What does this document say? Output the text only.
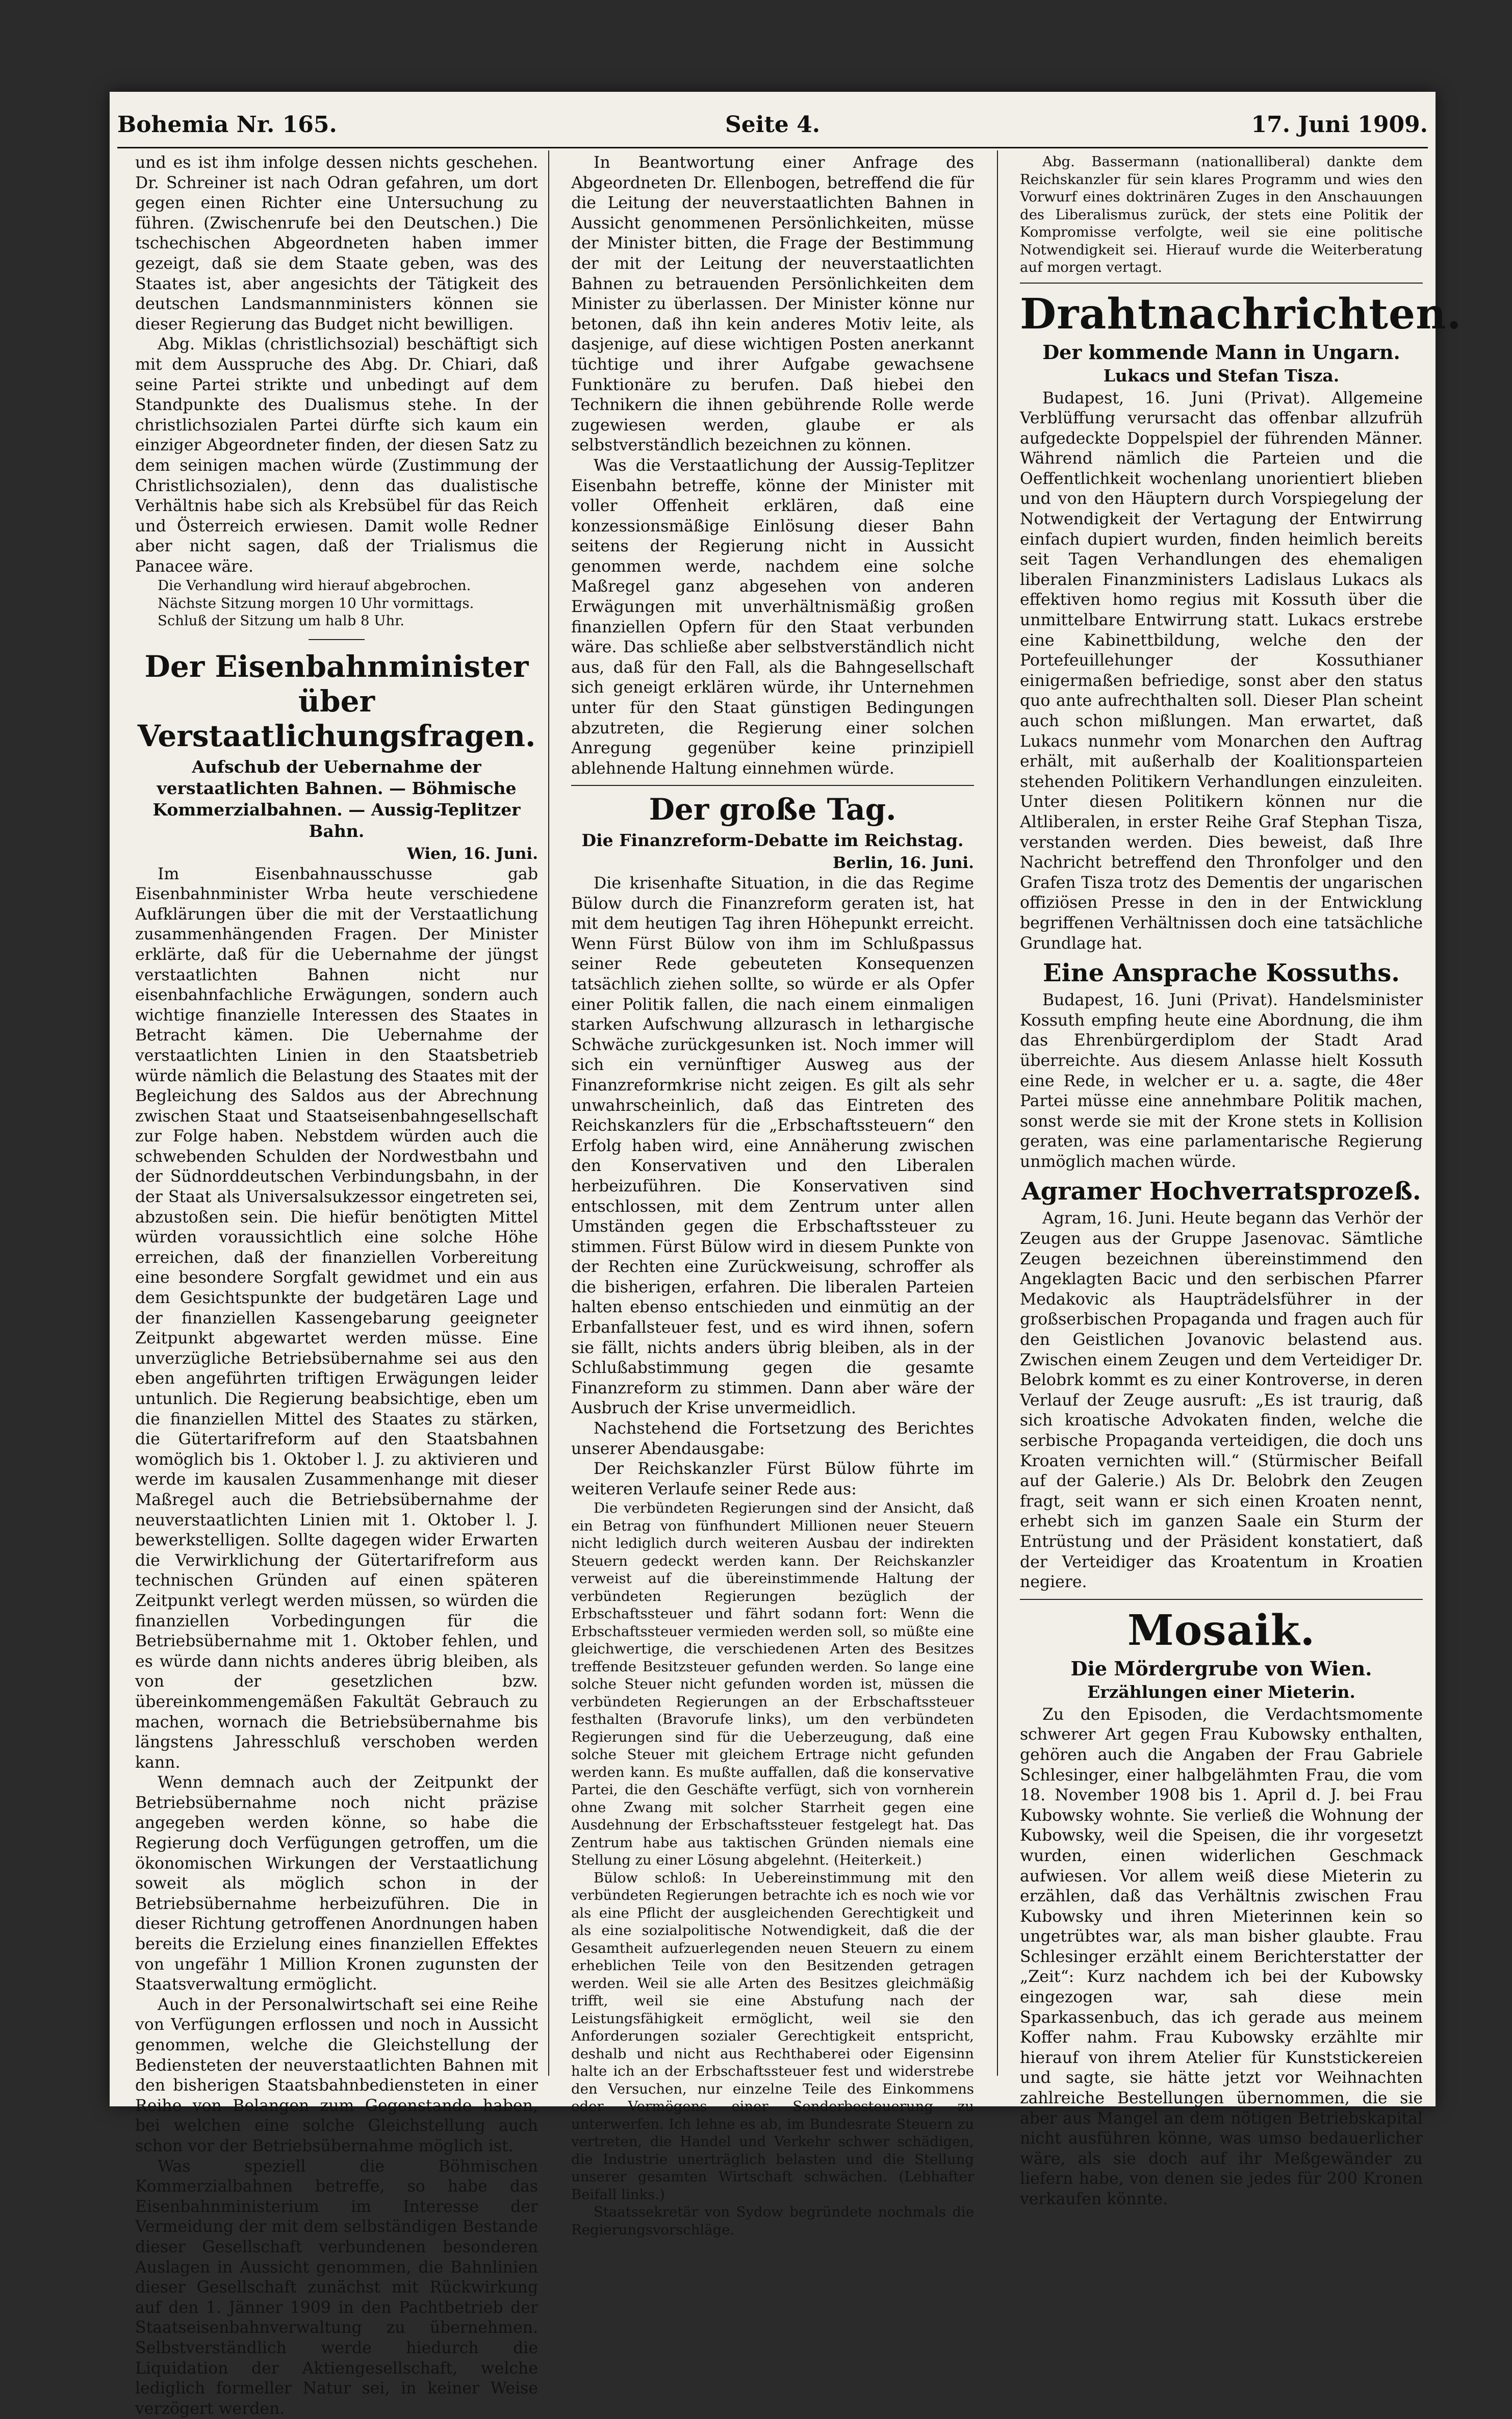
Bohemia Nr. 165.	Seite 4.	17. Juni 1909.

und es ist ihm infolge dessen nichts geschehen. Dr. Schreiner ist nach Odran gefahren, um dort gegen einen Richter eine Untersuchung zu führen. (Zwischenrufe bei den Deutschen.) Die tschechischen Abgeordneten haben immer gezeigt, daß sie dem Staate geben, was des Staates ist, aber angesichts der Tätigkeit des deutschen Landsmannministers können sie dieser Regierung das Budget nicht bewilligen.

Abg. Miklas (christlichsozial) beschäftigt sich mit dem Ausspruche des Abg. Dr. Chiari, daß seine Partei strikte und unbedingt auf dem Standpunkte des Dualismus stehe. In der christlichsozialen Partei dürfte sich kaum ein einziger Abgeordneter finden, der diesen Satz zu dem seinigen machen würde (Zustimmung der Christlichsozialen), denn das dualistische Verhältnis habe sich als Krebsübel für das Reich und Österreich erwiesen. Damit wolle Redner aber nicht sagen, daß der Trialismus die Panacee wäre.

Die Verhandlung wird hierauf abgebrochen.

Nächste Sitzung morgen 10 Uhr vormittags.

Schluß der Sitzung um halb 8 Uhr.

Der Eisenbahnminister über Verstaatlichungsfragen.
Aufschub der Uebernahme der verstaatlichten Bahnen. — Böhmische Kommerzialbahnen. — Aussig-Teplitzer Bahn.
Wien, 16. Juni.

Im Eisenbahnausschusse gab Eisenbahnminister Wrba heute verschiedene Aufklärungen über die mit der Verstaatlichung zusammenhängenden Fragen. Der Minister erklärte, daß für die Uebernahme der jüngst verstaatlichten Bahnen nicht nur eisenbahnfachliche Erwägungen, sondern auch wichtige finanzielle Interessen des Staates in Betracht kämen. Die Uebernahme der verstaatlichten Linien in den Staatsbetrieb würde nämlich die Belastung des Staates mit der Begleichung des Saldos aus der Abrechnung zwischen Staat und Staatseisenbahngesellschaft zur Folge haben. Nebstdem würden auch die schwebenden Schulden der Nordwestbahn und der Südnorddeutschen Verbindungsbahn, in der der Staat als Universalsukzessor eingetreten sei, abzustoßen sein. Die hiefür benötigten Mittel würden voraussichtlich eine solche Höhe erreichen, daß der finanziellen Vorbereitung eine besondere Sorgfalt gewidmet und ein aus dem Gesichtspunkte der budgetären Lage und der finanziellen Kassengebarung geeigneter Zeitpunkt abgewartet werden müsse. Eine unverzügliche Betriebsübernahme sei aus den eben angeführten triftigen Erwägungen leider untunlich. Die Regierung beabsichtige, eben um die finanziellen Mittel des Staates zu stärken, die Gütertarifreform auf den Staatsbahnen womöglich bis 1. Oktober l. J. zu aktivieren und werde im kausalen Zusammenhange mit dieser Maßregel auch die Betriebsübernahme der neuverstaatlichten Linien mit 1. Oktober l. J. bewerkstelligen. Sollte dagegen wider Erwarten die Verwirklichung der Gütertarifreform aus technischen Gründen auf einen späteren Zeitpunkt verlegt werden müssen, so würden die finanziellen Vorbedingungen für die Betriebsübernahme mit 1. Oktober fehlen, und es würde dann nichts anderes übrig bleiben, als von der gesetzlichen bzw. übereinkommengemäßen Fakultät Gebrauch zu machen, wornach die Betriebsübernahme bis längstens Jahresschluß verschoben werden kann.

Wenn demnach auch der Zeitpunkt der Betriebsübernahme noch nicht präzise angegeben werden könne, so habe die Regierung doch Verfügungen getroffen, um die ökonomischen Wirkungen der Verstaatlichung soweit als möglich schon in der Betriebsübernahme herbeizuführen. Die in dieser Richtung getroffenen Anordnungen haben bereits die Erzielung eines finanziellen Effektes von ungefähr 1 Million Kronen zugunsten der Staatsverwaltung ermöglicht.

Auch in der Personalwirtschaft sei eine Reihe von Verfügungen erflossen und noch in Aussicht genommen, welche die Gleichstellung der Bediensteten der neuverstaatlichten Bahnen mit den bisherigen Staatsbahnbediensteten in einer Reihe von Belangen zum Gegenstande haben, bei welchen eine solche Gleichstellung auch schon vor der Betriebsübernahme möglich ist.

Was speziell die Böhmischen Kommerzialbahnen betreffe, so habe das Eisenbahnministerium im Interesse der Vermeidung der mit dem selbständigen Bestande dieser Gesellschaft verbundenen besonderen Auslagen in Aussicht genommen, die Bahnlinien dieser Gesellschaft zunächst mit Rückwirkung auf den 1. Jänner 1909 in den Pachtbetrieb der Staatseisenbahnverwaltung zu übernehmen. Selbstverständlich werde hiedurch die Liquidation der Aktiengesellschaft, welche lediglich formeller Natur sei, in keiner Weise verzögert werden.

In Beantwortung einer Anfrage des Abgeordneten Dr. Ellenbogen, betreffend die für die Leitung der neuverstaatlichten Bahnen in Aussicht genommenen Persönlichkeiten, müsse der Minister bitten, die Frage der Bestimmung der mit der Leitung der neuverstaatlichten Bahnen zu betrauenden Persönlichkeiten dem Minister zu überlassen. Der Minister könne nur betonen, daß ihn kein anderes Motiv leite, als dasjenige, auf diese wichtigen Posten anerkannt tüchtige und ihrer Aufgabe gewachsene Funktionäre zu berufen. Daß hiebei den Technikern die ihnen gebührende Rolle werde zugewiesen werden, glaube er als selbstverständlich bezeichnen zu können.

Was die Verstaatlichung der Aussig-Teplitzer Eisenbahn betreffe, könne der Minister mit voller Offenheit erklären, daß eine konzessionsmäßige Einlösung dieser Bahn seitens der Regierung nicht in Aussicht genommen werde, nachdem eine solche Maßregel ganz abgesehen von anderen Erwägungen mit unverhältnismäßig großen finanziellen Opfern für den Staat verbunden wäre. Das schließe aber selbstverständlich nicht aus, daß für den Fall, als die Bahngesellschaft sich geneigt erklären würde, ihr Unternehmen unter für den Staat günstigen Bedingungen abzutreten, die Regierung einer solchen Anregung gegenüber keine prinzipiell ablehnende Haltung einnehmen würde.

Der große Tag.
Die Finanzreform-Debatte im Reichstag.
Berlin, 16. Juni.

Die krisenhafte Situation, in die das Regime Bülow durch die Finanzreform geraten ist, hat mit dem heutigen Tag ihren Höhepunkt erreicht. Wenn Fürst Bülow von ihm im Schlußpassus seiner Rede gebeuteten Konsequenzen tatsächlich ziehen sollte, so würde er als Opfer einer Politik fallen, die nach einem einmaligen starken Aufschwung allzurasch in lethargische Schwäche zurückgesunken ist. Noch immer will sich ein vernünftiger Ausweg aus der Finanzreformkrise nicht zeigen. Es gilt als sehr unwahrscheinlich, daß das Eintreten des Reichskanzlers für die „Erbschaftssteuern“ den Erfolg haben wird, eine Annäherung zwischen den Konservativen und den Liberalen herbeizuführen. Die Konservativen sind entschlossen, mit dem Zentrum unter allen Umständen gegen die Erbschaftssteuer zu stimmen. Fürst Bülow wird in diesem Punkte von der Rechten eine Zurückweisung, schroffer als die bisherigen, erfahren. Die liberalen Parteien halten ebenso entschieden und einmütig an der Erbanfallsteuer fest, und es wird ihnen, sofern sie fällt, nichts anders übrig bleiben, als in der Schlußabstimmung gegen die gesamte Finanzreform zu stimmen. Dann aber wäre der Ausbruch der Krise unvermeidlich.

Nachstehend die Fortsetzung des Berichtes unserer Abendausgabe:

Der Reichskanzler Fürst Bülow führte im weiteren Verlaufe seiner Rede aus:

Die verbündeten Regierungen sind der Ansicht, daß ein Betrag von fünfhundert Millionen neuer Steuern nicht lediglich durch weiteren Ausbau der indirekten Steuern gedeckt werden kann. Der Reichskanzler verweist auf die übereinstimmende Haltung der verbündeten Regierungen bezüglich der Erbschaftssteuer und fährt sodann fort: Wenn die Erbschaftssteuer vermieden werden soll, so müßte eine gleichwertige, die verschiedenen Arten des Besitzes treffende Besitzsteuer gefunden werden. So lange eine solche Steuer nicht gefunden worden ist, müssen die verbündeten Regierungen an der Erbschaftssteuer festhalten (Bravorufe links), um den verbündeten Regierungen sind für die Ueberzeugung, daß eine solche Steuer mit gleichem Ertrage nicht gefunden werden kann. Es mußte auffallen, daß die konservative Partei, die den Geschäfte verfügt, sich von vornherein ohne Zwang mit solcher Starrheit gegen eine Ausdehnung der Erbschaftssteuer festgelegt hat. Das Zentrum habe aus taktischen Gründen niemals eine Stellung zu einer Lösung abgelehnt. (Heiterkeit.)

Bülow schloß: In Uebereinstimmung mit den verbündeten Regierungen betrachte ich es noch wie vor als eine Pflicht der ausgleichenden Gerechtigkeit und als eine sozialpolitische Notwendigkeit, daß die der Gesamtheit aufzuerlegenden neuen Steuern zu einem erheblichen Teile von den Besitzenden getragen werden. Weil sie alle Arten des Besitzes gleichmäßig trifft, weil sie eine Abstufung nach der Leistungsfähigkeit ermöglicht, weil sie den Anforderungen sozialer Gerechtigkeit entspricht, deshalb und nicht aus Rechthaberei oder Eigensinn halte ich an der Erbschaftssteuer fest und widerstrebe den Versuchen, nur einzelne Teile des Einkommens oder Vermögens einer Sonderbesteuerung zu unterwerfen. Ich lehne es ab, im Bundesrate Steuern zu vertreten, die Handel und Verkehr schwer schädigen, die Industrie unerträglich belasten und die Stellung unserer gesamten Wirtschaft schwächen. (Lebhafter Beifall links.)

Staatssekretär von Sydow begründete nochmals die Regierungsvorschläge.

Abg. Bassermann (nationalliberal) dankte dem Reichskanzler für sein klares Programm und wies den Vorwurf eines doktrinären Zuges in den Anschauungen des Liberalismus zurück, der stets eine Politik der Kompromisse verfolgte, weil sie eine politische Notwendigkeit sei. Hierauf wurde die Weiterberatung auf morgen vertagt.

Drahtnachrichten.
Der kommende Mann in Ungarn.
Lukacs und Stefan Tisza.

Budapest, 16. Juni (Privat). Allgemeine Verblüffung verursacht das offenbar allzufrüh aufgedeckte Doppelspiel der führenden Männer. Während nämlich die Parteien und die Oeffentlichkeit wochenlang unorientiert blieben und von den Häuptern durch Vorspiegelung der Notwendigkeit der Vertagung der Entwirrung einfach dupiert wurden, finden heimlich bereits seit Tagen Verhandlungen des ehemaligen liberalen Finanzministers Ladislaus Lukacs als effektiven homo regius mit Kossuth über die unmittelbare Entwirrung statt. Lukacs erstrebe eine Kabinettbildung, welche den der Portefeuillehunger der Kossuthianer einigermaßen befriedige, sonst aber den status quo ante aufrechthalten soll. Dieser Plan scheint auch schon mißlungen. Man erwartet, daß Lukacs nunmehr vom Monarchen den Auftrag erhält, mit außerhalb der Koalitionsparteien stehenden Politikern Verhandlungen einzuleiten. Unter diesen Politikern können nur die Altliberalen, in erster Reihe Graf Stephan Tisza, verstanden werden. Dies beweist, daß Ihre Nachricht betreffend den Thronfolger und den Grafen Tisza trotz des Dementis der ungarischen offiziösen Presse in den in der Entwicklung begriffenen Verhältnissen doch eine tatsächliche Grundlage hat.

Eine Ansprache Kossuths.

Budapest, 16. Juni (Privat). Handelsminister Kossuth empfing heute eine Abordnung, die ihm das Ehrenbürgerdiplom der Stadt Arad überreichte. Aus diesem Anlasse hielt Kossuth eine Rede, in welcher er u. a. sagte, die 48er Partei müsse eine annehmbare Politik machen, sonst werde sie mit der Krone stets in Kollision geraten, was eine parlamentarische Regierung unmöglich machen würde.

Agramer Hochverratsprozeß.

Agram, 16. Juni. Heute begann das Verhör der Zeugen aus der Gruppe Jasenovac. Sämtliche Zeugen bezeichnen übereinstimmend den Angeklagten Bacic und den serbischen Pfarrer Medakovic als Haupträdelsführer in der großserbischen Propaganda und fragen auch für den Geistlichen Jovanovic belastend aus. Zwischen einem Zeugen und dem Verteidiger Dr. Belobrk kommt es zu einer Kontroverse, in deren Verlauf der Zeuge ausruft: „Es ist traurig, daß sich kroatische Advokaten finden, welche die serbische Propaganda verteidigen, die doch uns Kroaten vernichten will.“ (Stürmischer Beifall auf der Galerie.) Als Dr. Belobrk den Zeugen fragt, seit wann er sich einen Kroaten nennt, erhebt sich im ganzen Saale ein Sturm der Entrüstung und der Präsident konstatiert, daß der Verteidiger das Kroatentum in Kroatien negiere.

Mosaik.
Die Mördergrube von Wien.
Erzählungen einer Mieterin.

Zu den Episoden, die Verdachtsmomente schwerer Art gegen Frau Kubowsky enthalten, gehören auch die Angaben der Frau Gabriele Schlesinger, einer halbgelähmten Frau, die vom 18. November 1908 bis 1. April d. J. bei Frau Kubowsky wohnte. Sie verließ die Wohnung der Kubowsky, weil die Speisen, die ihr vorgesetzt wurden, einen widerlichen Geschmack aufwiesen. Vor allem weiß diese Mieterin zu erzählen, daß das Verhältnis zwischen Frau Kubowsky und ihren Mieterinnen kein so ungetrübtes war, als man bisher glaubte. Frau Schlesinger erzählt einem Berichterstatter der „Zeit“: Kurz nachdem ich bei der Kubowsky eingezogen war, sah diese mein Sparkassenbuch, das ich gerade aus meinem Koffer nahm. Frau Kubowsky erzählte mir hierauf von ihrem Atelier für Kunststickereien und sagte, sie hätte jetzt vor Weihnachten zahlreiche Bestellungen übernommen, die sie aber aus Mangel an dem nötigen Betriebskapital nicht ausführen könne, was umso bedauerlicher wäre, als sie doch auf ihr Meßgewänder zu liefern habe, von denen sie jedes für 200 Kronen verkaufen könnte.
